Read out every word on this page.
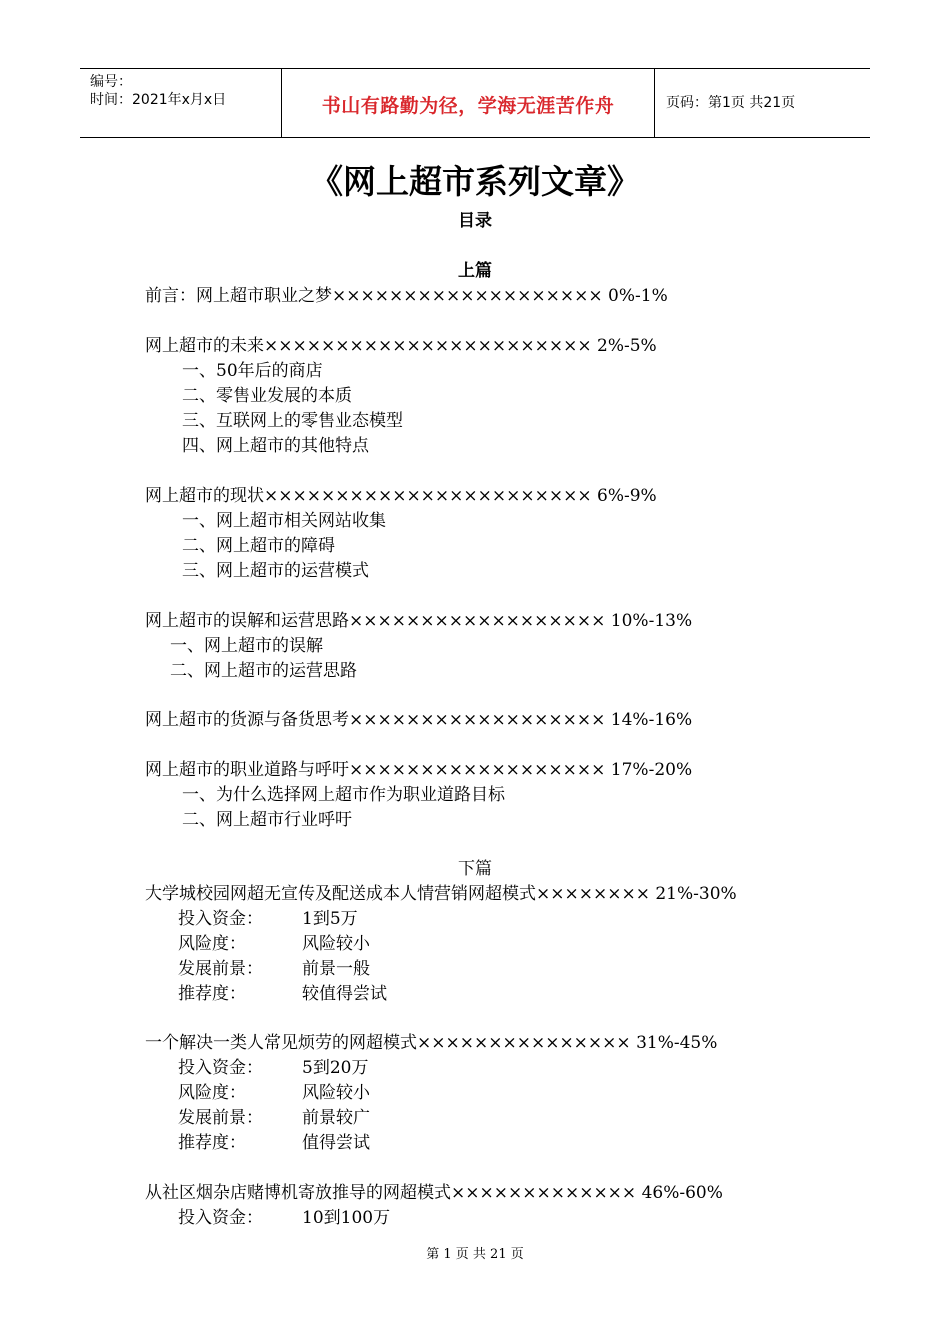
编号：
时间：2021年x月x日	书山有路勤为径，学海无涯苦作舟	页码：第1页 共21页
《网上超市系列文章》
目录
上篇
前言：网上超市职业之梦××××××××××××××××××× 0%-1%
网上超市的未来××××××××××××××××××××××× 2%-5%
一、50年后的商店
二、零售业发展的本质
三、互联网上的零售业态模型
四、网上超市的其他特点
网上超市的现状××××××××××××××××××××××× 6%-9%
一、网上超市相关网站收集
二、网上超市的障碍
三、网上超市的运营模式
网上超市的误解和运营思路×××××××××××××××××× 10%-13%
一、网上超市的误解
二、网上超市的运营思路
网上超市的货源与备货思考×××××××××××××××××× 14%-16%
网上超市的职业道路与呼吁×××××××××××××××××× 17%-20%
一、为什么选择网上超市作为职业道路目标
二、网上超市行业呼吁
下篇
大学城校园网超无宣传及配送成本人情营销网超模式×××××××× 21%-30%
投入资金： 1到5万
风险度：	风险较小
发展前景： 前景一般
推荐度：	较值得尝试
一个解决一类人常见烦劳的网超模式××××××××××××××× 31%-45%
投入资金： 5到20万
风险度：	风险较小
发展前景： 前景较广
推荐度：	值得尝试
从社区烟杂店赌博机寄放推导的网超模式××××××××××××× 46%-60%
投入资金： 10到100万
第 1 页 共 21 页
